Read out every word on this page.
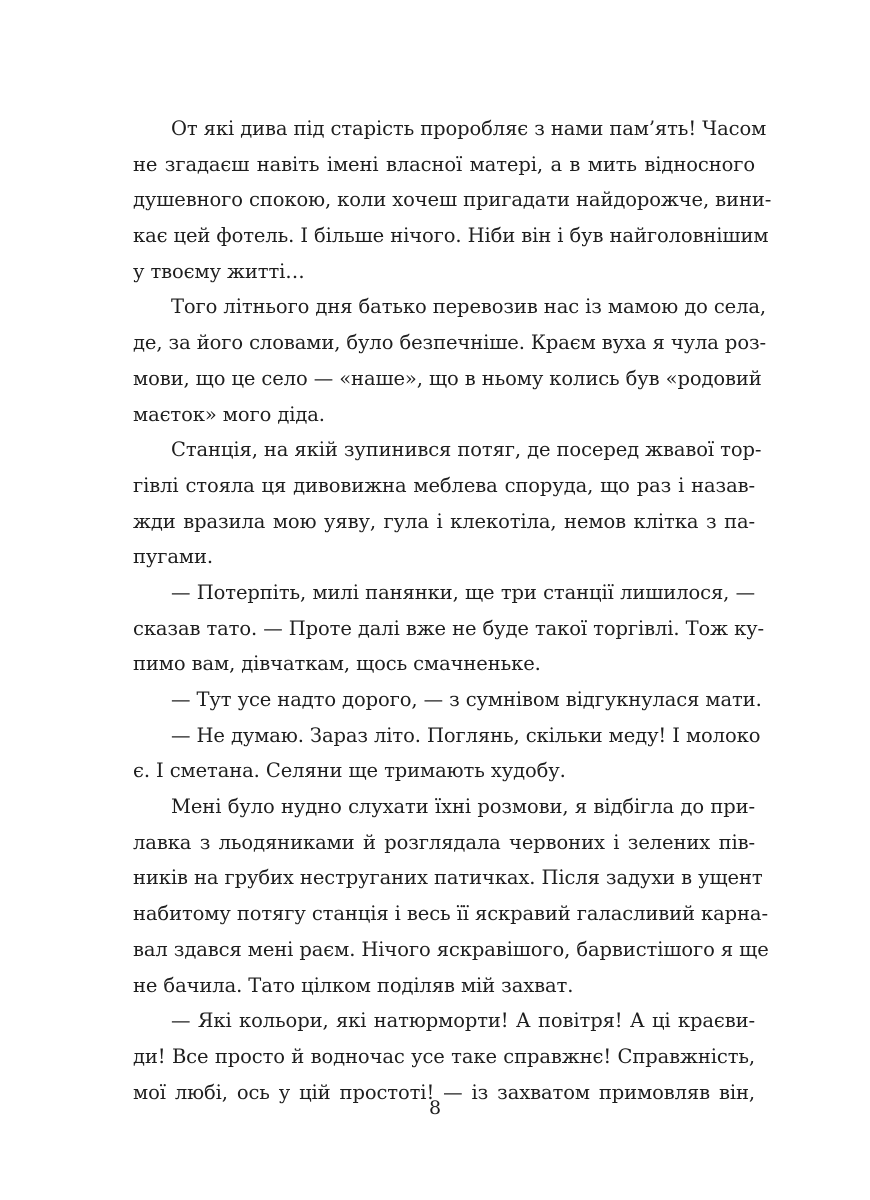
От які дива під старість проробляє з нами пам’ять! Часом
не згадаєш навіть імені власної матері, а в мить відносного
душевного спокою, коли хочеш пригадати найдорожче, вини-
кає цей фотель. І більше нічого. Ніби він і був найголовнішим
у твоєму житті…
Того літнього дня батько перевозив нас із мамою до села,
де, за його словами, було безпечніше. Краєм вуха я чула роз-
мови, що це село — «наше», що в ньому колись був «родовий
маєток» мого діда.
Станція, на якій зупинився потяг, де посеред жвавої тор-
гівлі стояла ця дивовижна меблева споруда, що раз і назав-
жди вразила мою уяву, гула і клекотіла, немов клітка з па-
пугами.
— Потерпіть, милі панянки, ще три станції лишилося, —
сказав тато. — Проте далі вже не буде такої торгівлі. Тож ку-
пимо вам, дівчаткам, щось смачненьке.
— Тут усе надто дорого, — з сумнівом відгукнулася мати.
— Не думаю. Зараз літо. Поглянь, скільки меду! І молоко
є. І сметана. Селяни ще тримають худобу.
Мені було нудно слухати їхні розмови, я відбігла до при-
лавка з льодяниками й розглядала червоних і зелених пів-
ників на грубих неструганих патичках. Після задухи в ущент
набитому потягу станція і весь її яскравий галасливий карна-
вал здався мені раєм. Нічого яскравішого, барвистішого я ще
не бачила. Тато цілком поділяв мій захват.
— Які кольори, які натюрморти! А повітря! А ці краєви-
ди! Все просто й водночас усе таке справжнє! Справжність,
мої любі, ось у цій простоті! — із захватом примовляв він,
8
